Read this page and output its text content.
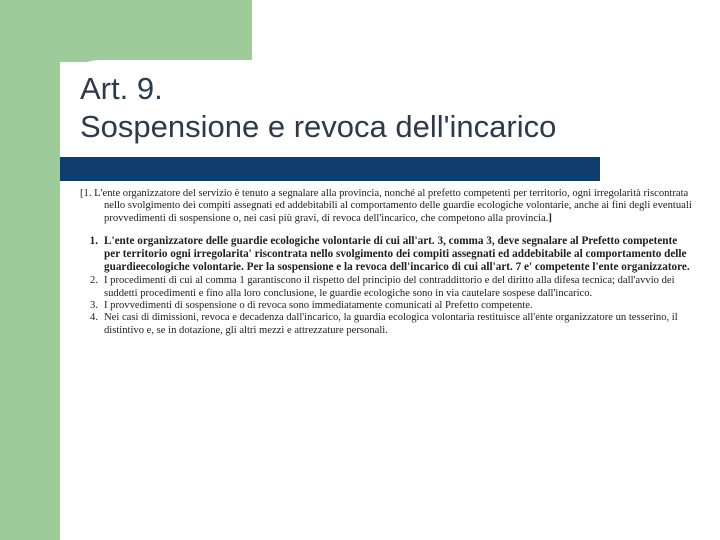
Art. 9.
Sospensione e revoca dell'incarico

[1. L'ente organizzatore del servizio è tenuto a segnalare alla provincia, nonché al prefetto competenti per territorio, ogni irregolarità riscontrata nello svolgimento dei compiti assegnati ed addebitabili al comportamento delle guardie ecologiche volontarie, anche ai fini degli eventuali provvedimenti di sospensione o, nei casi più gravi, di revoca dell'incarico, che competono alla provincia.]

1. L'ente organizzatore delle guardie ecologiche volontarie di cui all'art. 3, comma 3, deve segnalare al Prefetto competente per territorio ogni irregolarita' riscontrata nello svolgimento dei compiti assegnati ed addebitabile al comportamento delle guardieecologiche volontarie. Per la sospensione e la revoca dell'incarico di cui all'art. 7 e' competente l'ente organizzatore.
2. I procedimenti di cui al comma 1 garantiscono il rispetto del principio del contraddittorio e del diritto alla difesa tecnica; dall'avvio dei suddetti procedimenti e fino alla loro conclusione, le guardie ecologiche sono in via cautelare sospese dall'incarico.
3. I provvedimenti di sospensione o di revoca sono immediatamente comunicati al Prefetto competente.
4. Nei casi di dimissioni, revoca e decadenza dall'incarico, la guardia ecologica volontaria restituisce all'ente organizzatore un tesserino, il distintivo e, se in dotazione, gli altri mezzi e attrezzature personali.
